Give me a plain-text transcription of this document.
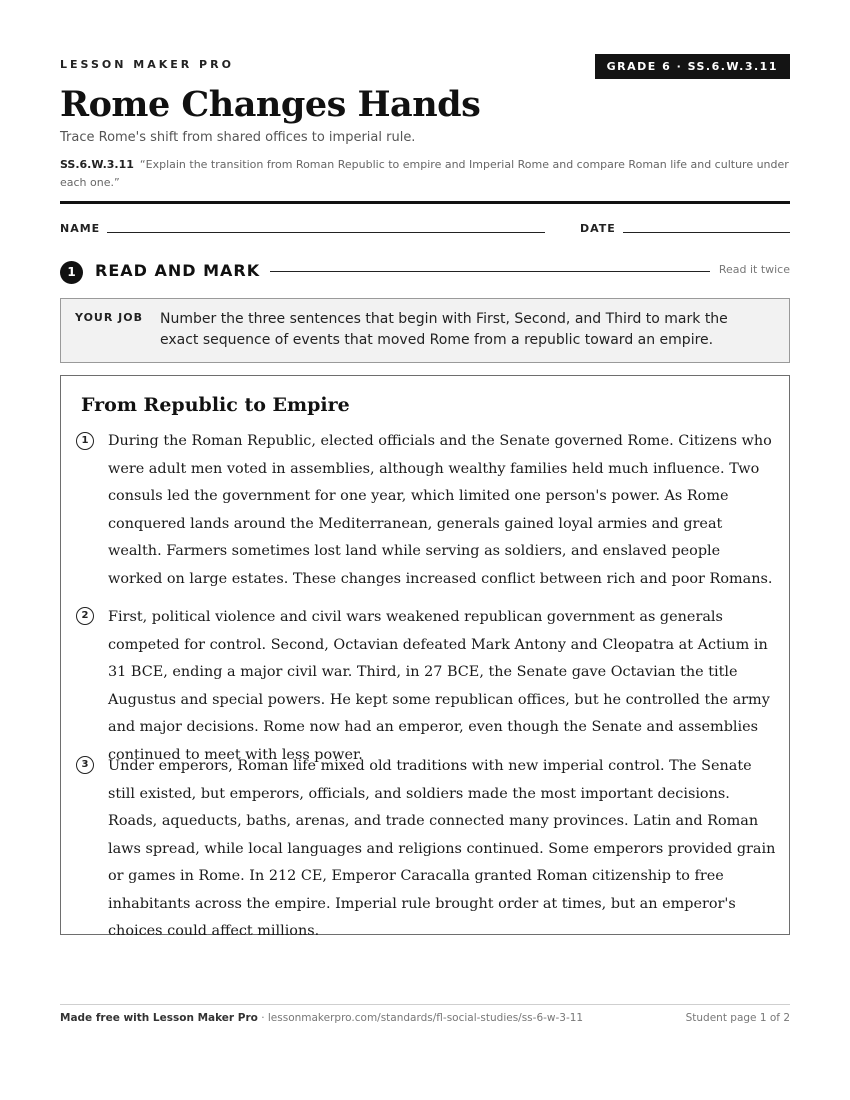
LESSON MAKER PRO	GRADE 6 · SS.6.W.3.11
Rome Changes Hands
Trace Rome's shift from shared offices to imperial rule.
SS.6.W.3.11 “Explain the transition from Roman Republic to empire and Imperial Rome and compare Roman life and culture under each one.”
NAME	DATE
1	READ AND MARK	Read it twice
YOUR JOB Number the three sentences that begin with First, Second, and Third to mark the exact sequence of events that moved Rome from a republic toward an empire.
From Republic to Empire
1	During the Roman Republic, elected officials and the Senate governed Rome. Citizens who were adult men voted in assemblies, although wealthy families held much influence. Two consuls led the government for one year, which limited one person's power. As Rome conquered lands around the Mediterranean, generals gained loyal armies and great wealth. Farmers sometimes lost land while serving as soldiers, and enslaved people worked on large estates. These changes increased conflict between rich and poor Romans.
2	First, political violence and civil wars weakened republican government as generals competed for control. Second, Octavian defeated Mark Antony and Cleopatra at Actium in 31 BCE, ending a major civil war. Third, in 27 BCE, the Senate gave Octavian the title Augustus and special powers. He kept some republican offices, but he controlled the army and major decisions. Rome now had an emperor, even though the Senate and assemblies continued to meet with less power.
3	Under emperors, Roman life mixed old traditions with new imperial control. The Senate still existed, but emperors, officials, and soldiers made the most important decisions. Roads, aqueducts, baths, arenas, and trade connected many provinces. Latin and Roman laws spread, while local languages and religions continued. Some emperors provided grain or games in Rome. In 212 CE, Emperor Caracalla granted Roman citizenship to free inhabitants across the empire. Imperial rule brought order at times, but an emperor's choices could affect millions.
Made free with Lesson Maker Pro · lessonmakerpro.com/standards/fl-social-studies/ss-6-w-3-11	Student page 1 of 2
